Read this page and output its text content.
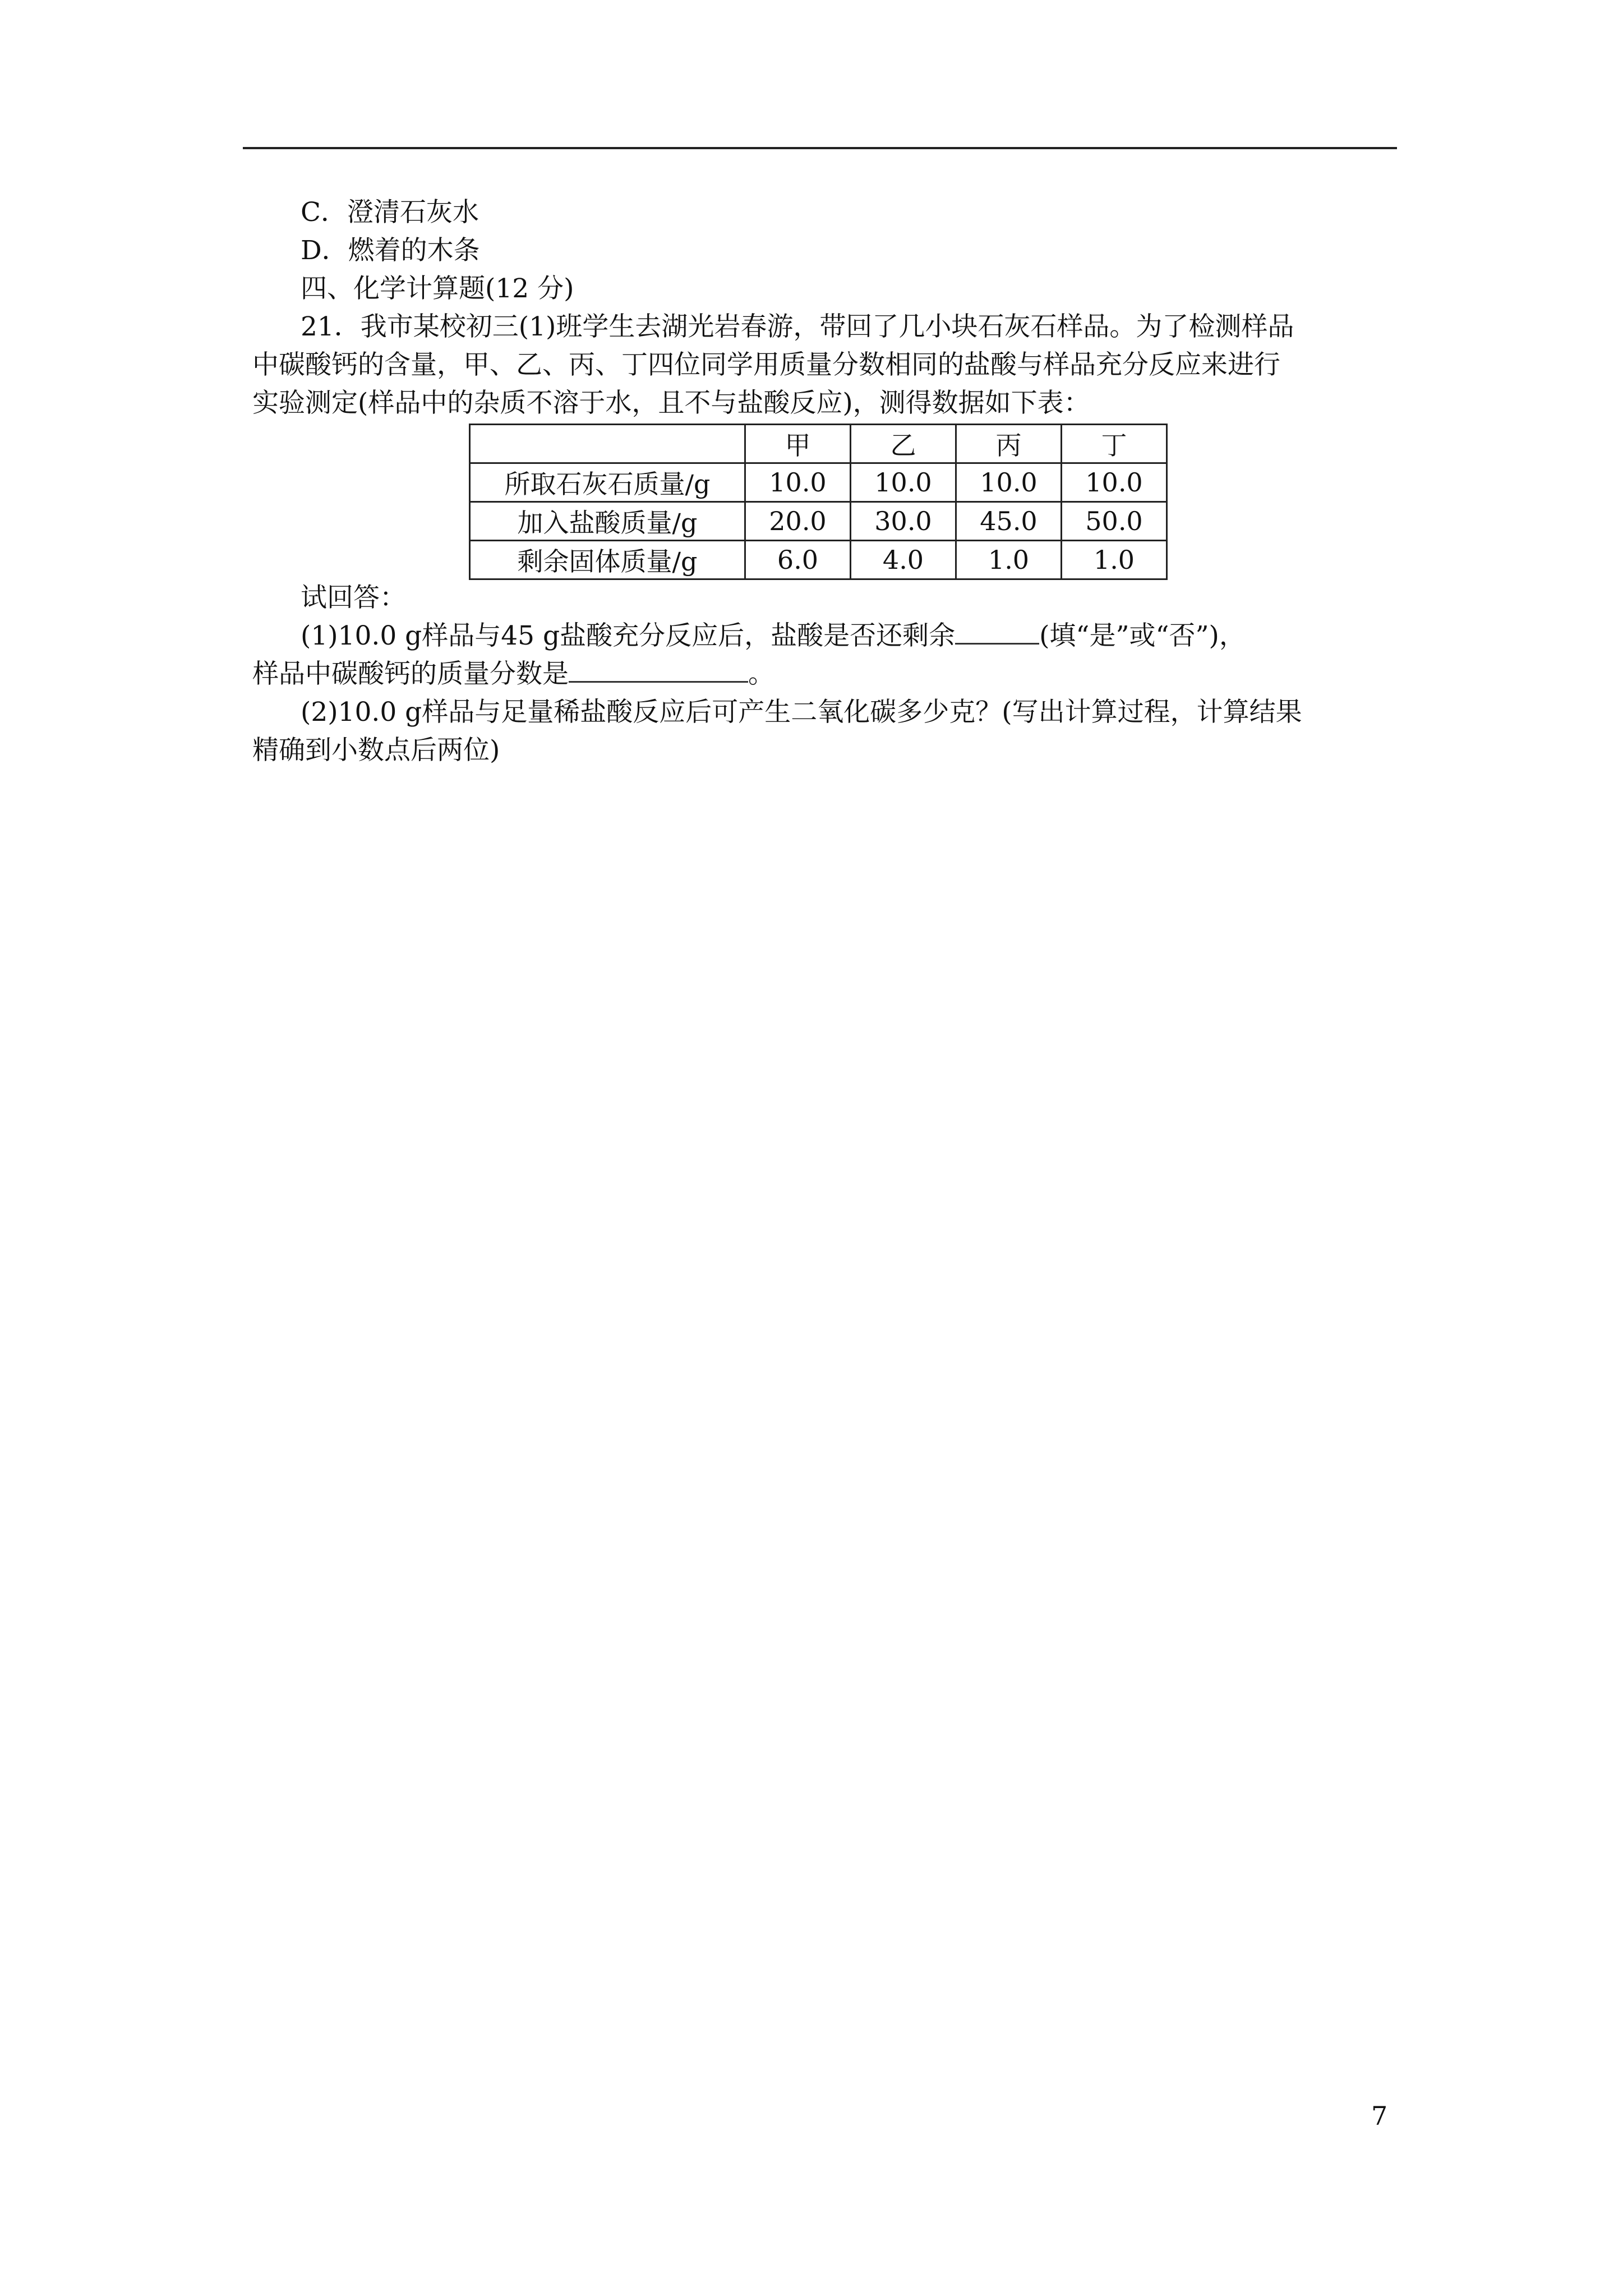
C．澄清石灰水
D．燃着的木条
四、化学计算题(12 分)
21．我市某校初三(1)班学生去湖光岩春游，带回了几小块石灰石样品。为了检测样品
中碳酸钙的含量，甲、乙、丙、丁四位同学用质量分数相同的盐酸与样品充分反应来进行
实验测定(样品中的杂质不溶于水，且不与盐酸反应)，测得数据如下表：
	甲	乙	丙	丁
所取石灰石质量/g	10.0	10.0	10.0	10.0
加入盐酸质量/g	20.0	30.0	45.0	50.0
剩余固体质量/g	6.0	4.0	1.0	1.0
试回答：
(1)10.0 g样品与45 g盐酸充分反应后，盐酸是否还剩余	(填“是”或“否”)，
样品中碳酸钙的质量分数是	。
(2)10.0 g样品与足量稀盐酸反应后可产生二氧化碳多少克？(写出计算过程，计算结果
精确到小数点后两位)
7
